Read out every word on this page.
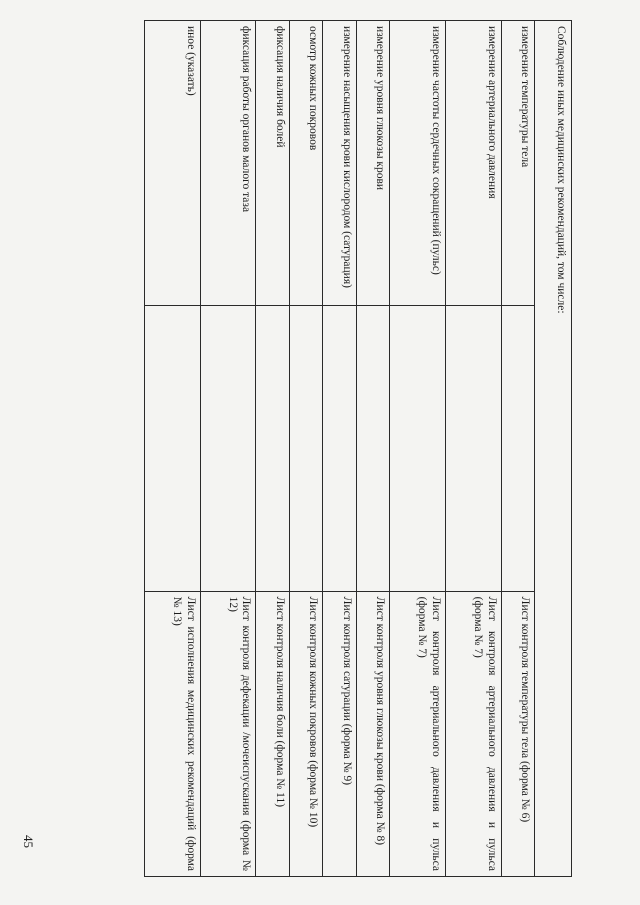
Соблюдение иных медицинских рекомендаций, том числе:		
измерение температуры тела		Лист контроля температуры тела (форма № 6)
измерение артериального давления		Лист контроля артериального давления и пульса (форма № 7)
измерение частоты сердечных сокращений (пульс)		Лист контроля артериального давления и пульса (форма № 7)
измерение уровня глюкозы крови		Лист контроля уровня глюкозы крови (форма № 8)
измерение насыщения крови кислородом (сатурация)		Лист контроля сатурации (форма № 9)
осмотр кожных покровов		Лист контроля кожных покровов (форма № 10)
фиксация наличия болей		Лист контроля наличия боли (форма № 11)
фиксация работы органов малого таза		Лист контроля дефекации /мочеиспускания (форма № 12)
иное (указать)		Лист исполнения медицинских рекомендаций (форма № 13)
45
